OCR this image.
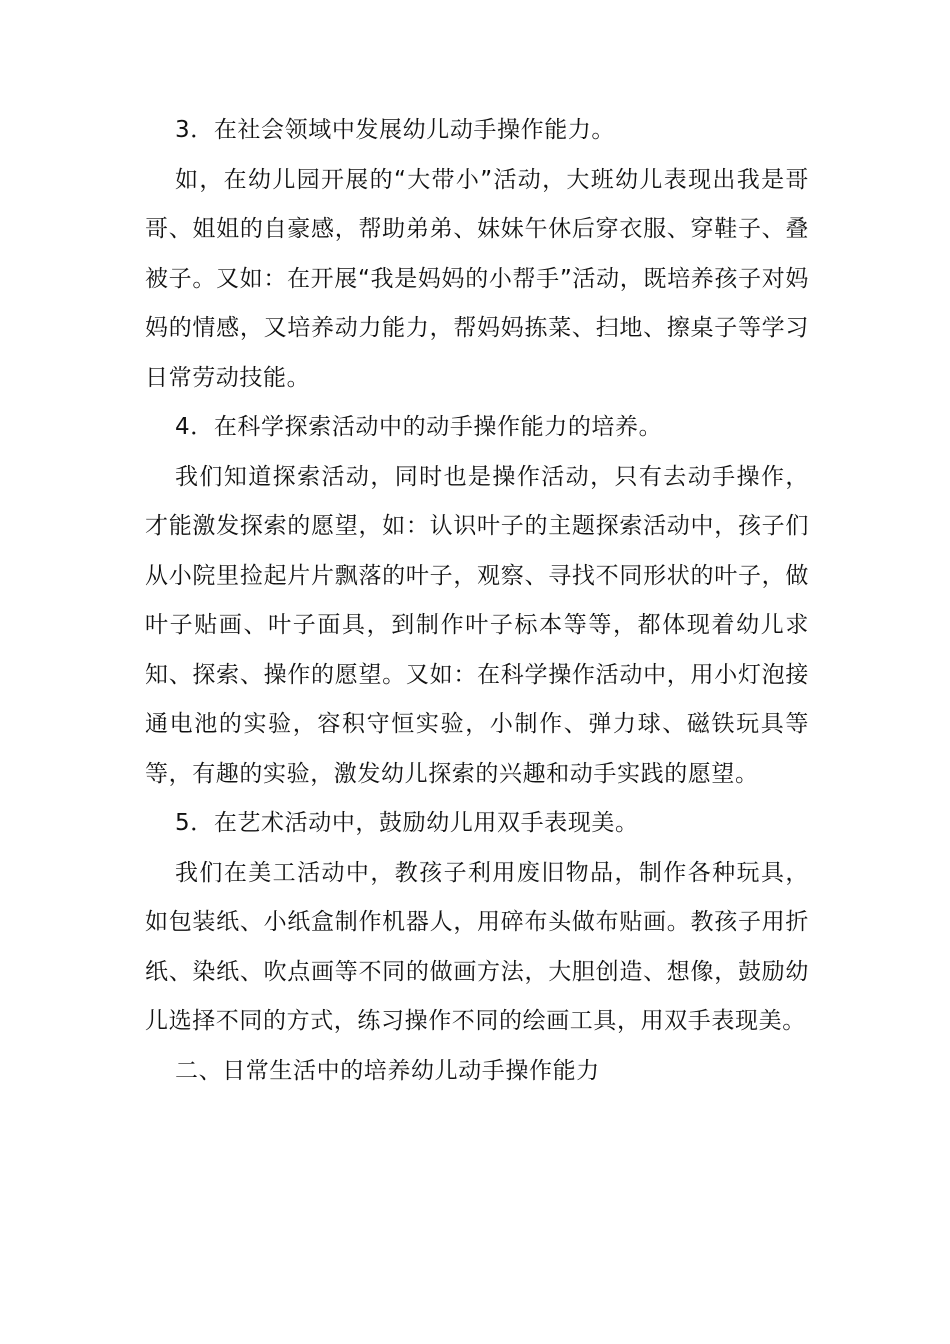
3．在社会领域中发展幼儿动手操作能力。

如，在幼儿园开展的“大带小”活动，大班幼儿表现出我是哥哥、姐姐的自豪感，帮助弟弟、妹妹午休后穿衣服、穿鞋子、叠被子。又如：在开展“我是妈妈的小帮手”活动，既培养孩子对妈妈的情感，又培养动力能力，帮妈妈拣菜、扫地、擦桌子等学习日常劳动技能。

4．在科学探索活动中的动手操作能力的培养。

我们知道探索活动，同时也是操作活动，只有去动手操作，才能激发探索的愿望，如：认识叶子的主题探索活动中，孩子们从小院里捡起片片飘落的叶子，观察、寻找不同形状的叶子，做叶子贴画、叶子面具，到制作叶子标本等等，都体现着幼儿求知、探索、操作的愿望。又如：在科学操作活动中，用小灯泡接通电池的实验，容积守恒实验，小制作、弹力球、磁铁玩具等等，有趣的实验，激发幼儿探索的兴趣和动手实践的愿望。

5．在艺术活动中，鼓励幼儿用双手表现美。

我们在美工活动中，教孩子利用废旧物品，制作各种玩具，如包装纸、小纸盒制作机器人，用碎布头做布贴画。教孩子用折纸、染纸、吹点画等不同的做画方法，大胆创造、想像，鼓励幼儿选择不同的方式，练习操作不同的绘画工具，用双手表现美。

二、日常生活中的培养幼儿动手操作能力
